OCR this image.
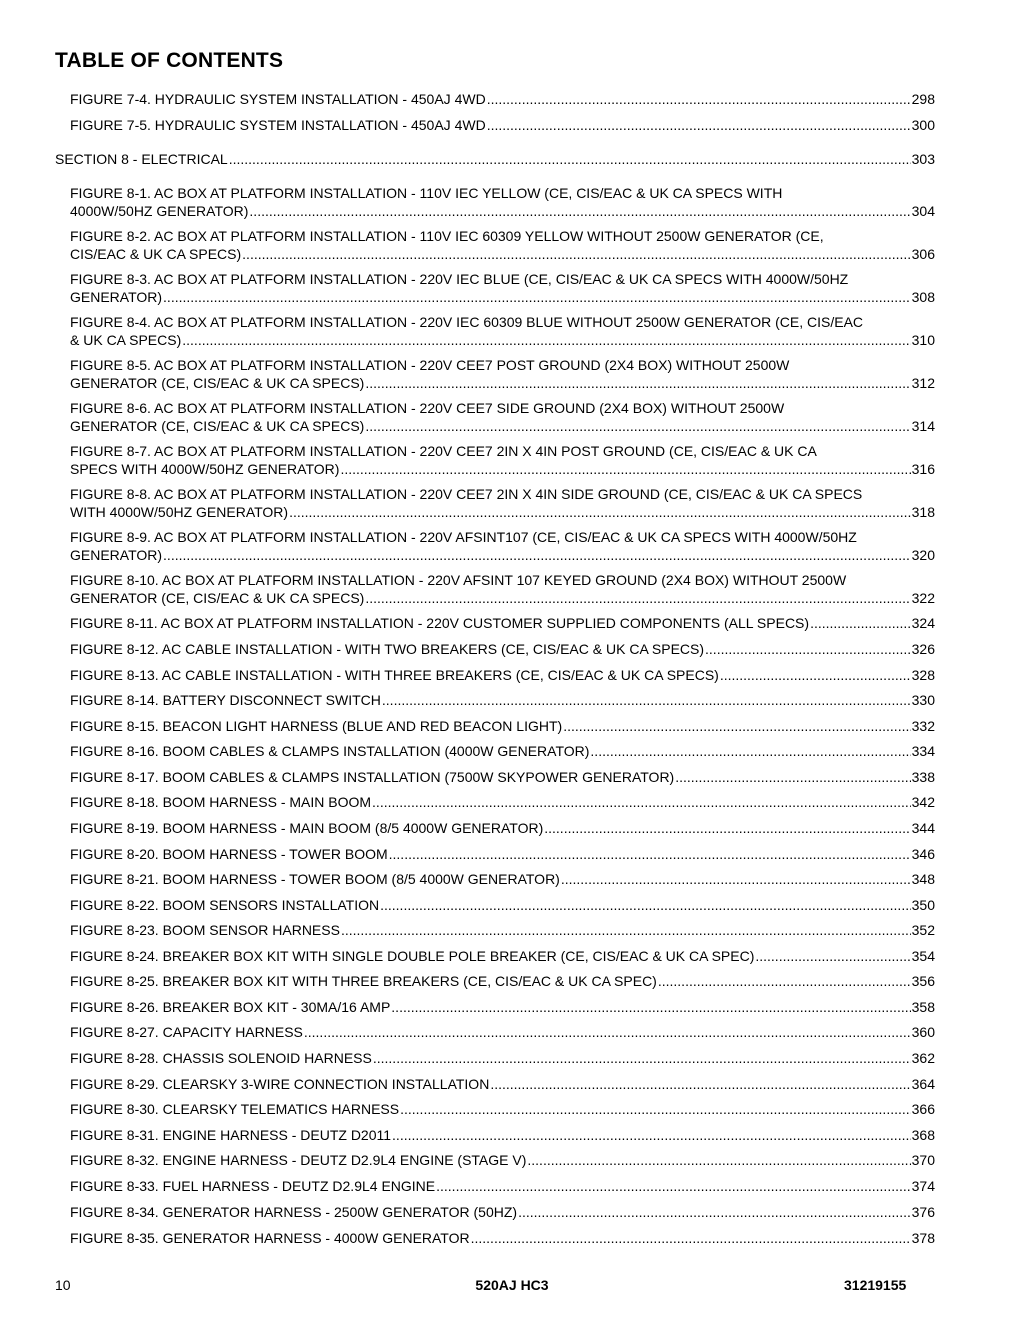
TABLE OF CONTENTS
FIGURE 7-4. HYDRAULIC SYSTEM INSTALLATION - 450AJ 4WD .....	298
FIGURE 7-5. HYDRAULIC SYSTEM INSTALLATION - 450AJ 4WD .....	300
SECTION 8 - ELECTRICAL .....	303
FIGURE 8-1. AC BOX AT PLATFORM INSTALLATION - 110V IEC YELLOW (CE, CIS/EAC & UK CA SPECS WITH
4000W/50HZ GENERATOR) .....	304
FIGURE 8-2. AC BOX AT PLATFORM INSTALLATION - 110V IEC 60309 YELLOW WITHOUT 2500W GENERATOR (CE,
CIS/EAC & UK CA SPECS) .....	306
FIGURE 8-3. AC BOX AT PLATFORM INSTALLATION - 220V IEC BLUE (CE, CIS/EAC & UK CA SPECS WITH 4000W/50HZ
GENERATOR) .....	308
FIGURE 8-4. AC BOX AT PLATFORM INSTALLATION - 220V IEC 60309 BLUE WITHOUT 2500W GENERATOR (CE, CIS/EAC
& UK CA SPECS) .....	310
FIGURE 8-5. AC BOX AT PLATFORM INSTALLATION - 220V CEE7 POST GROUND (2X4 BOX) WITHOUT 2500W
GENERATOR (CE, CIS/EAC & UK CA SPECS) .....	312
FIGURE 8-6. AC BOX AT PLATFORM INSTALLATION - 220V CEE7 SIDE GROUND (2X4 BOX) WITHOUT 2500W
GENERATOR (CE, CIS/EAC & UK CA SPECS) .....	314
FIGURE 8-7. AC BOX AT PLATFORM INSTALLATION - 220V CEE7 2IN X 4IN POST GROUND (CE, CIS/EAC & UK CA
SPECS WITH 4000W/50HZ GENERATOR) .....	316
FIGURE 8-8. AC BOX AT PLATFORM INSTALLATION - 220V CEE7 2IN X 4IN SIDE GROUND (CE, CIS/EAC & UK CA SPECS
WITH 4000W/50HZ GENERATOR) .....	318
FIGURE 8-9. AC BOX AT PLATFORM INSTALLATION - 220V AFSINT107 (CE, CIS/EAC & UK CA SPECS WITH 4000W/50HZ
GENERATOR) .....	320
FIGURE 8-10. AC BOX AT PLATFORM INSTALLATION - 220V AFSINT 107 KEYED GROUND (2X4 BOX) WITHOUT 2500W
GENERATOR (CE, CIS/EAC & UK CA SPECS) .....	322
FIGURE 8-11. AC BOX AT PLATFORM INSTALLATION - 220V CUSTOMER SUPPLIED COMPONENTS (ALL SPECS) .....	324
FIGURE 8-12. AC CABLE INSTALLATION - WITH TWO BREAKERS (CE, CIS/EAC & UK CA SPECS) .....	326
FIGURE 8-13. AC CABLE INSTALLATION - WITH THREE BREAKERS (CE, CIS/EAC & UK CA SPECS) .....	328
FIGURE 8-14. BATTERY DISCONNECT SWITCH .....	330
FIGURE 8-15. BEACON LIGHT HARNESS (BLUE AND RED BEACON LIGHT) .....	332
FIGURE 8-16. BOOM CABLES & CLAMPS INSTALLATION (4000W GENERATOR) .....	334
FIGURE 8-17. BOOM CABLES & CLAMPS INSTALLATION (7500W SKYPOWER GENERATOR) .....	338
FIGURE 8-18. BOOM HARNESS - MAIN BOOM .....	342
FIGURE 8-19. BOOM HARNESS - MAIN BOOM (8/5 4000W GENERATOR) .....	344
FIGURE 8-20. BOOM HARNESS - TOWER BOOM .....	346
FIGURE 8-21. BOOM HARNESS - TOWER BOOM (8/5 4000W GENERATOR) .....	348
FIGURE 8-22. BOOM SENSORS INSTALLATION .....	350
FIGURE 8-23. BOOM SENSOR HARNESS .....	352
FIGURE 8-24. BREAKER BOX KIT WITH SINGLE DOUBLE POLE BREAKER (CE, CIS/EAC & UK CA SPEC) .....	354
FIGURE 8-25. BREAKER BOX KIT WITH THREE BREAKERS (CE, CIS/EAC & UK CA SPEC) .....	356
FIGURE 8-26. BREAKER BOX KIT - 30MA/16 AMP .....	358
FIGURE 8-27. CAPACITY HARNESS .....	360
FIGURE 8-28. CHASSIS SOLENOID HARNESS .....	362
FIGURE 8-29. CLEARSKY 3-WIRE CONNECTION INSTALLATION .....	364
FIGURE 8-30. CLEARSKY TELEMATICS HARNESS .....	366
FIGURE 8-31. ENGINE HARNESS - DEUTZ D2011 .....	368
FIGURE 8-32. ENGINE HARNESS - DEUTZ D2.9L4 ENGINE (STAGE V) .....	370
FIGURE 8-33. FUEL HARNESS - DEUTZ D2.9L4 ENGINE .....	374
FIGURE 8-34. GENERATOR HARNESS - 2500W GENERATOR (50HZ) .....	376
FIGURE 8-35. GENERATOR HARNESS - 4000W GENERATOR .....	378
10	520AJ HC3	31219155
